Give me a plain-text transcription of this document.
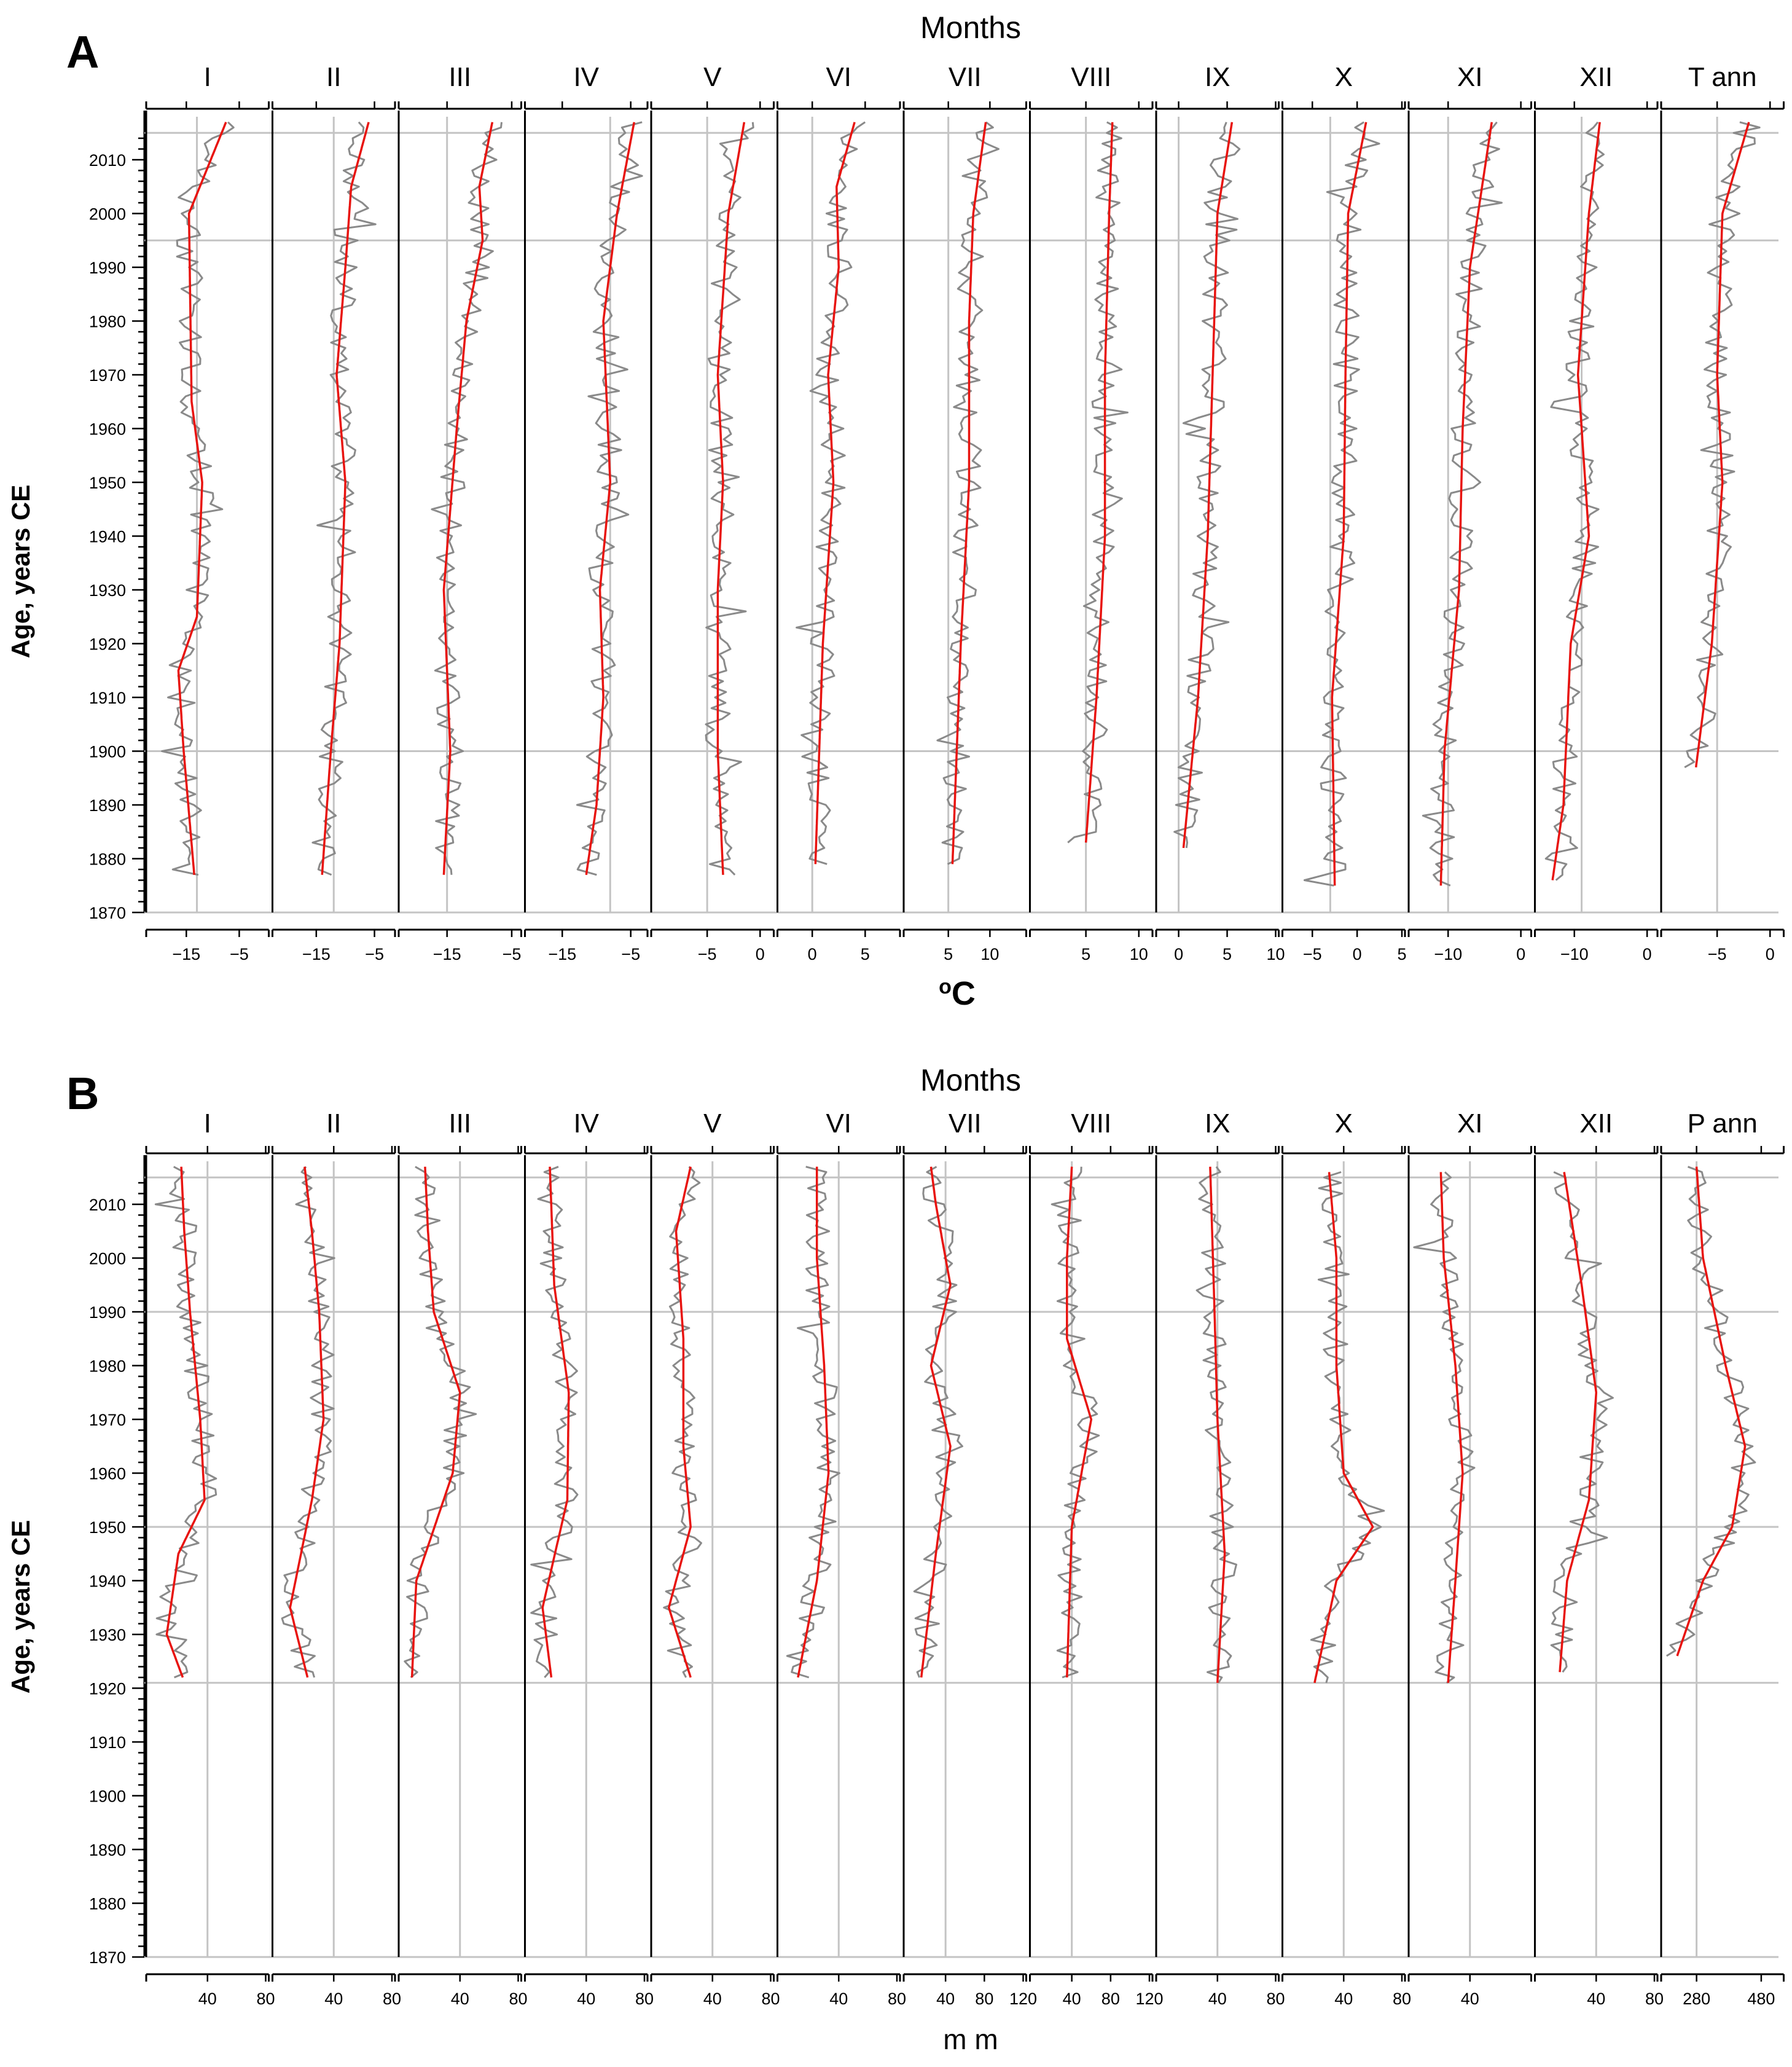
A
B
Months
Months
Age, years CE
Age, years CE
oC
m m
1870
1880
1890
1900
1910
1920
1930
1940
1950
1960
1970
1980
1990
2000
2010
I
−15 −5
II
−15 −5
III
−15 −5
IV
−15	−5
V
−5 0
VI
0	5
VII
5 10
VIII
5 10
IX
0 5 10
X
−5 0 5
XI
−10	0
XII
−10	0
T ann
−5 0
1870
1880
1890
1900
1910
1920
1930
1940
1950
1960
1970
1980
1990
2000
2010
I
40 80
II
40 80
III
40 80
IV
40 80
V
40 80
VI
40 80
VII
40 80 120
VIII
40 80 120
IX
40 80
X
40 80
XI
40
XII
40 80
P ann
280 480
